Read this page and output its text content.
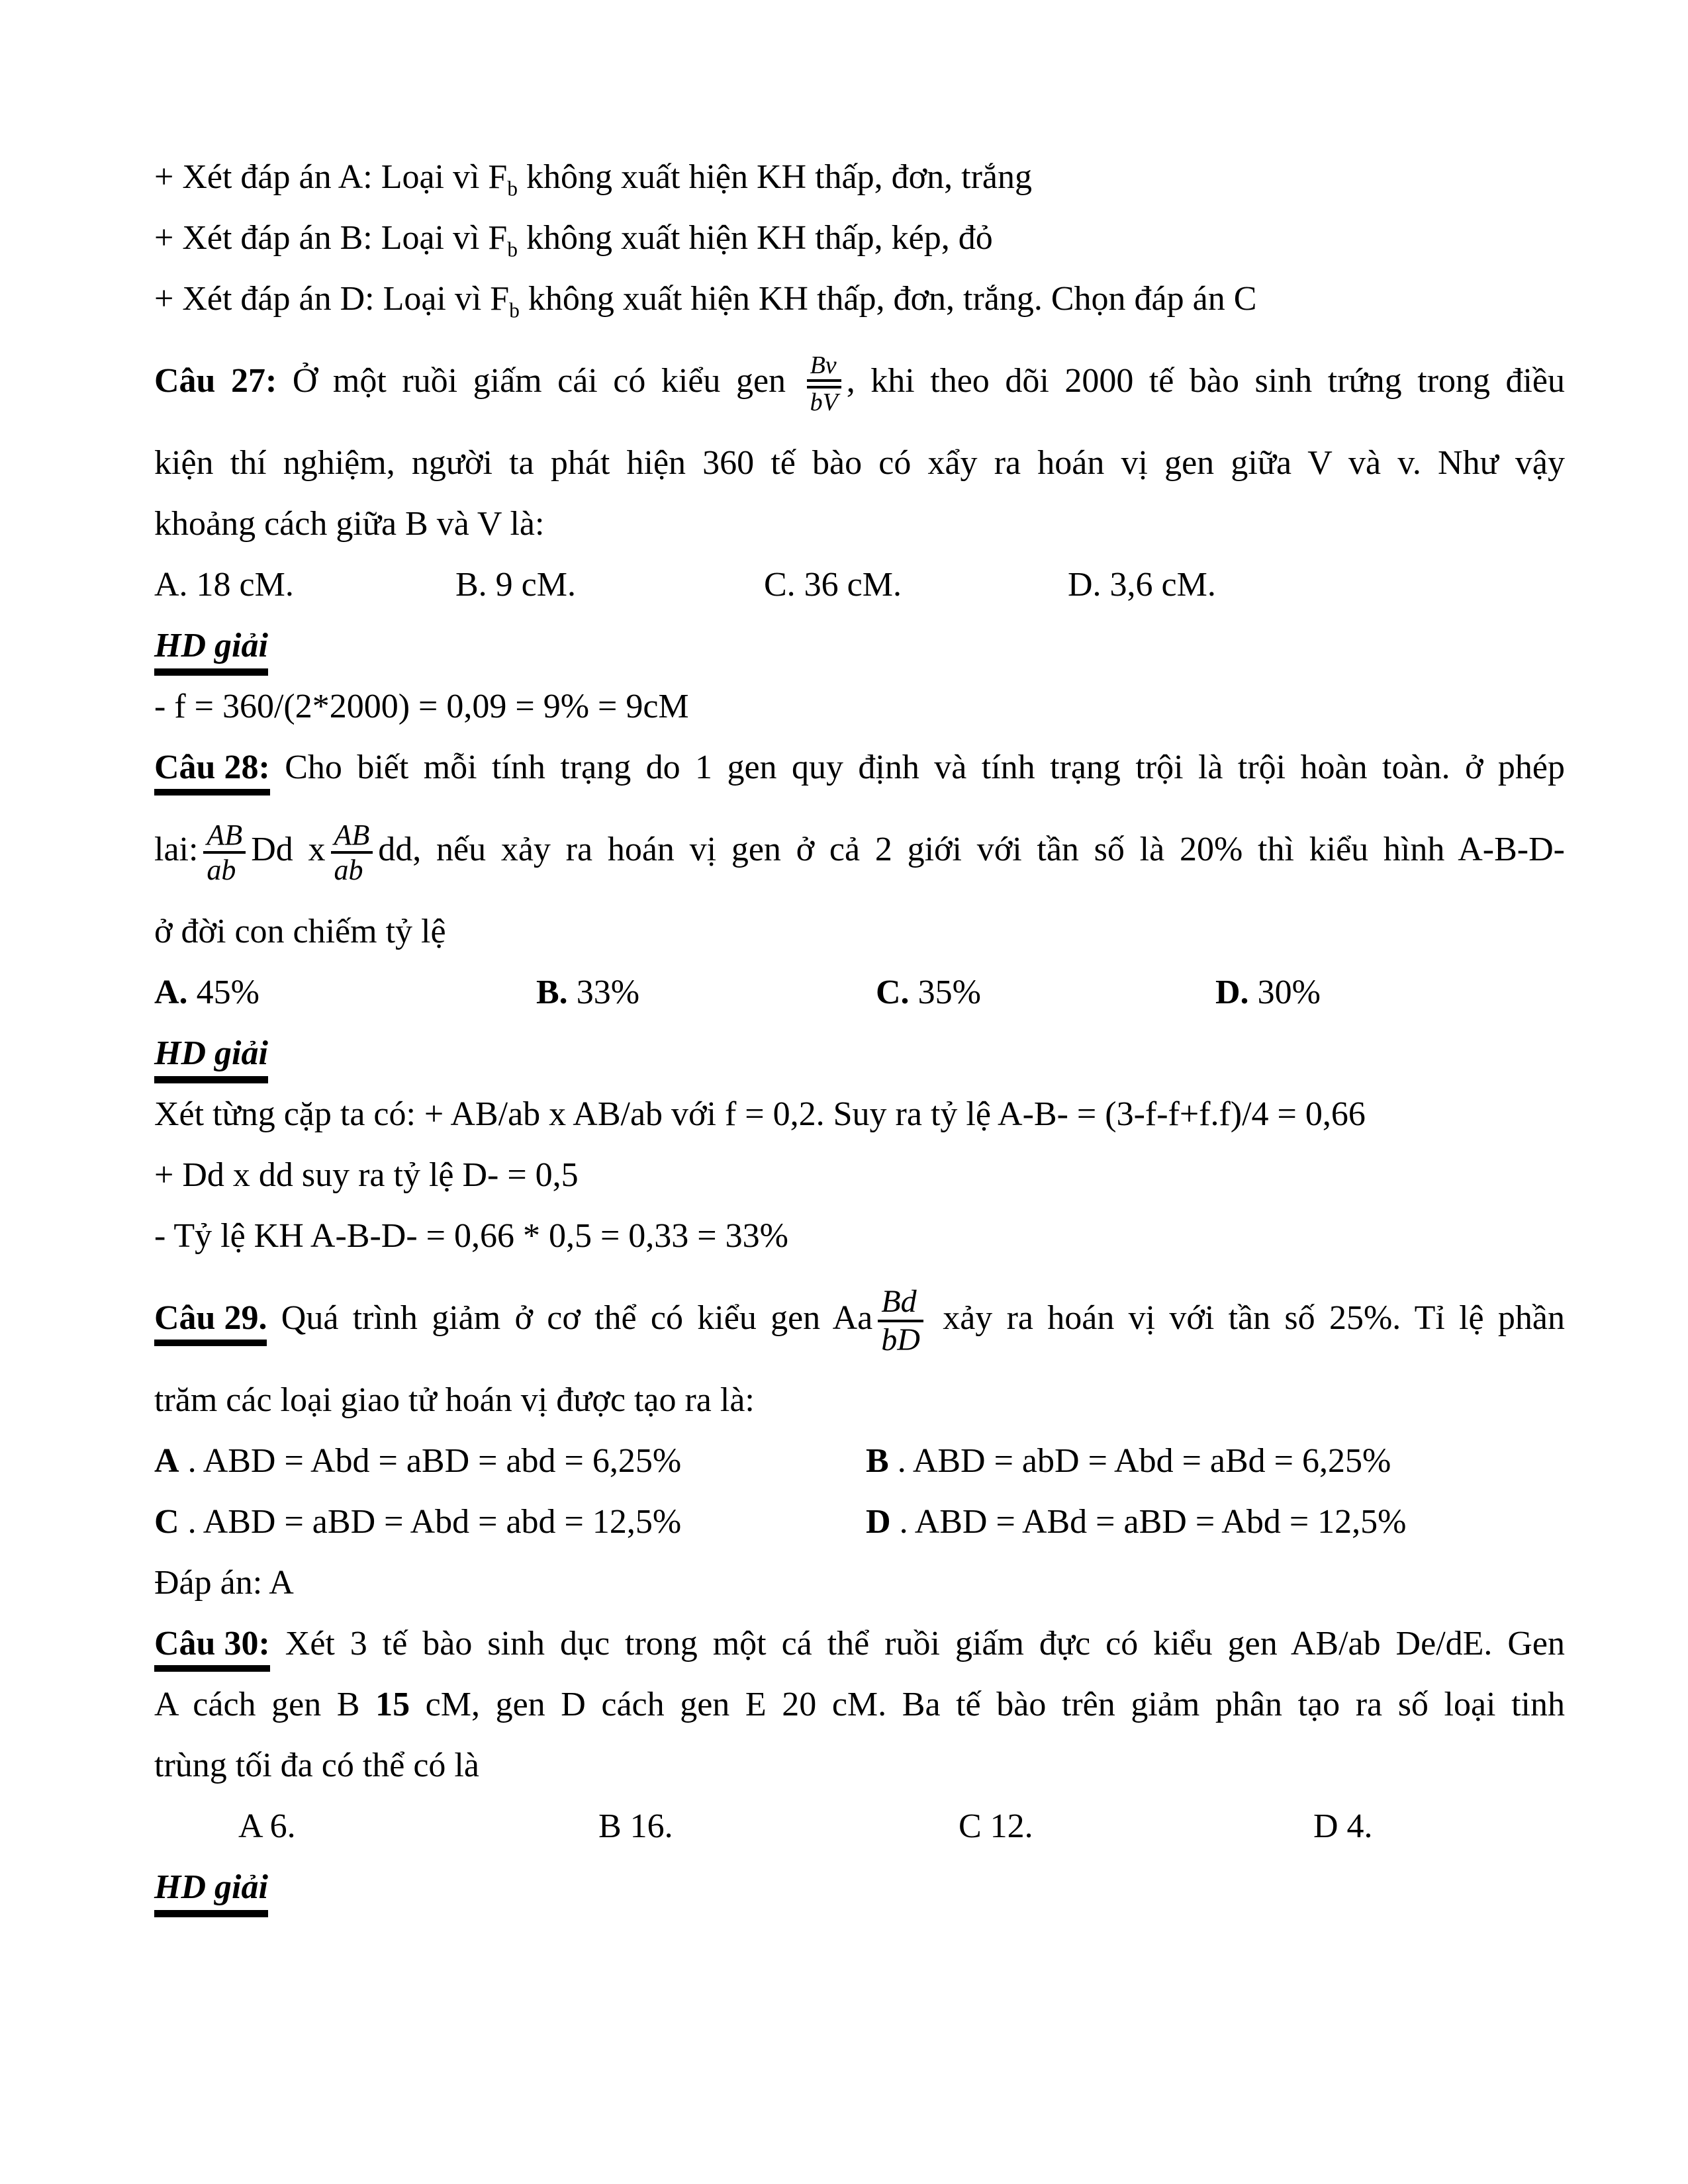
+ Xét đáp án A: Loại vì $F_b$ không xuất hiện KH thấp, đơn, trắng
+ Xét đáp án B: Loại vì $F_b$ không xuất hiện KH thấp, kép, đỏ
+ Xét đáp án D: Loại vì $F_b$ không xuất hiện KH thấp, đơn, trắng. Chọn đáp án C
Câu 27: Ở một ruồi giấm cái có kiểu gen $\frac{Bv}{bV}$ , khi theo dõi 2000 tế bào sinh trứng trong điều
kiện thí nghiệm, người ta phát hiện 360 tế bào có xẩy ra hoán vị gen giữa V và v. Như vậy
khoảng cách giữa B và V là:
A. 18 cM.	B. 9 cM.	C. 36 cM.	D. 3,6 cM.
HD giải
- f = 360/(2*2000) = 0,09 = 9% = 9cM
Câu 28: Cho biết mỗi tính trạng do 1 gen quy định và tính trạng trội là trội hoàn toàn. ở phép
lai: $\frac{AB}{ab}$ Dd x $\frac{AB}{ab}$ dd, nếu xảy ra hoán vị gen ở cả 2 giới với tần số là 20% thì kiểu hình A-B-D-
ở đời con chiếm tỷ lệ
A. 45%	B. 33%	C. 35%	D. 30%
HD giải
Xét từng cặp ta có: + AB/ab x AB/ab với f = 0,2. Suy ra tỷ lệ A-B- = (3-f-f+f.f)/4 = 0,66
+ Dd x dd suy ra tỷ lệ D- = 0,5
- Tỷ lệ KH A-B-D- = 0,66 * 0,5 = 0,33 = 33%
Câu 29. Quá trình giảm ở cơ thể có kiểu gen Aa $\frac{Bd}{bD}$ xảy ra hoán vị với tần số 25%. Tỉ lệ phần
trăm các loại giao tử hoán vị được tạo ra là:
A . ABD = Abd = aBD = abd = 6,25%	B . ABD = abD = Abd = aBd = 6,25%
C . ABD = aBD = Abd = abd = 12,5%	D . ABD = ABd = aBD = Abd = 12,5%
Đáp án: A
Câu 30: Xét 3 tế bào sinh dục trong một cá thể ruồi giấm đực có kiểu gen AB/ab De/dE. Gen
A cách gen B 15 cM, gen D cách gen E 20 cM. Ba tế bào trên giảm phân tạo ra số loại tinh
trùng tối đa có thể có là
A 6.	B 16.	C 12.	D 4.
HD giải
